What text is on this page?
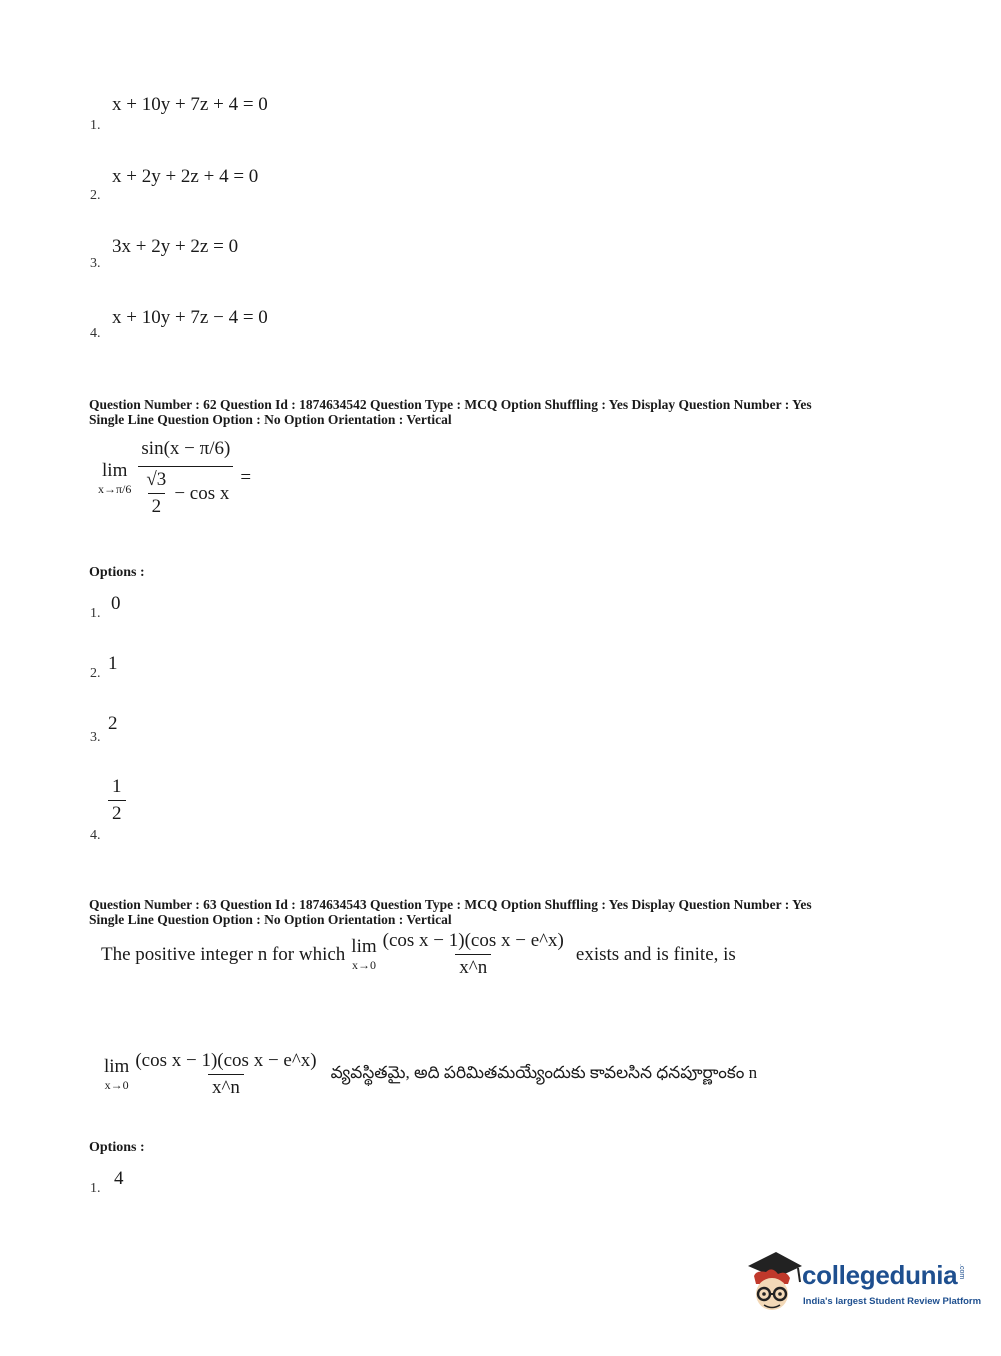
x + 10y + 7z + 4 = 0
1.
x + 2y + 2z + 4 = 0
2.
3x + 2y + 2z = 0
3.
x + 10y + 7z − 4 = 0
4.
Question Number : 62 Question Id : 1874634542 Question Type : MCQ Option Shuffling : Yes Display Question Number : Yes
Single Line Question Option : No Option Orientation : Vertical
lim
$x\to\pi/6 \frac{\sin(x - \pi/6)}{\frac{√3}{2} - \cos x}$ =
Options :
0
1.
1
2.
2
3.
$\frac{1}{2}$
4.
Question Number : 63 Question Id : 1874634543 Question Type : MCQ Option Shuffling : Yes Display Question Number : Yes
Single Line Question Option : No Option Orientation : Vertical
The positive integer n for which lim
$x\to 0 \frac{\text{(cos x − 1)(cos x − e\textasciicircum{}x)}}{x\^{}n}$ exists and is finite, is
lim
$x\to 0 \frac{\text{(cos x − 1)(cos x − e\textasciicircum{}x)}}{x\^{}n}$ వ్యవస్థితమై, అది పరిమితమయ్యేందుకు కావలసిన ధనపూర్ణాంకం n
Options :
4
1.
collegedunia .com
India's largest Student Review Platform
